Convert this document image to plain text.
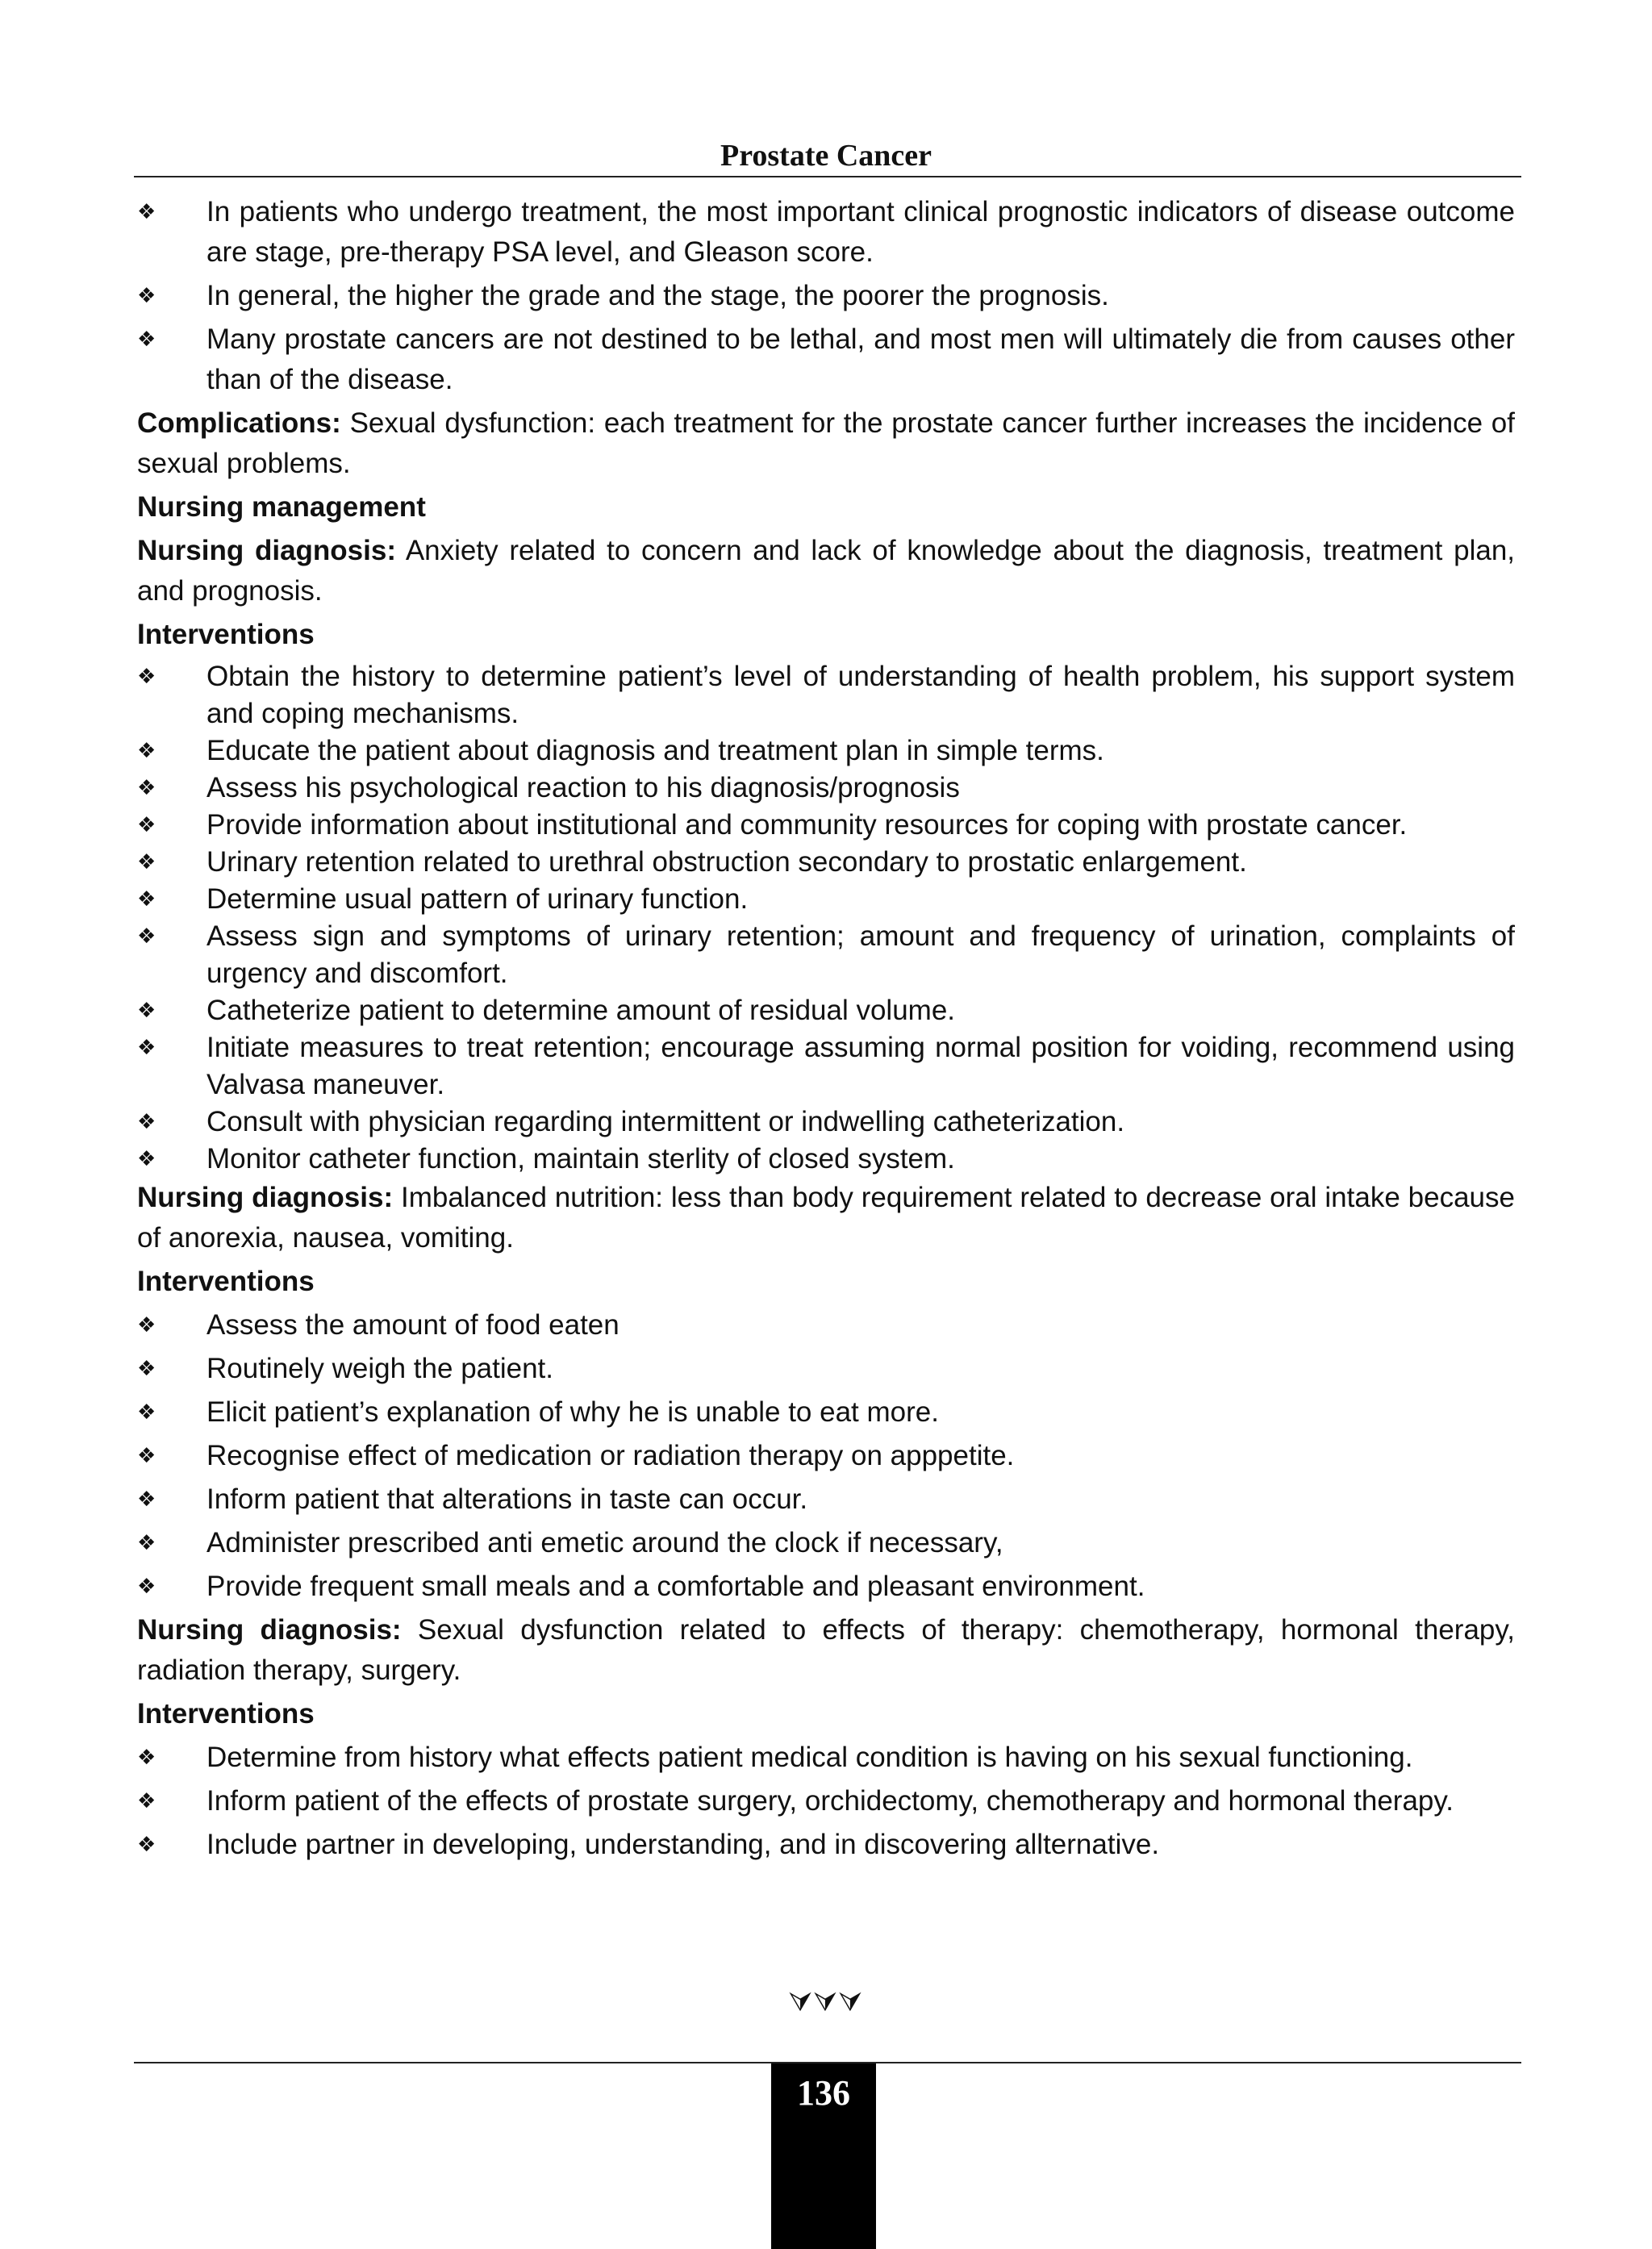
Prostate Cancer
❖	In patients who undergo treatment, the most important clinical prognostic indicators of disease outcome are stage, pre-therapy PSA level, and Gleason score.
❖	In general, the higher the grade and the stage, the poorer the prognosis.
❖	Many prostate cancers are not destined to be lethal, and most men will ultimately die from causes other than of the disease.

Complications: Sexual dysfunction: each treatment for the prostate cancer further increases the incidence of sexual problems.

Nursing management

Nursing diagnosis: Anxiety related to concern and lack of knowledge about the diagnosis, treatment plan, and prognosis.

Interventions
❖	Obtain the history to determine patient’s level of understanding of health problem, his support system and coping mechanisms.
❖	Educate the patient about diagnosis and treatment plan in simple terms.
❖	Assess his psychological reaction to his diagnosis/prognosis
❖	Provide information about institutional and community resources for coping with prostate cancer.
❖	Urinary retention related to urethral obstruction secondary to prostatic enlargement.
❖	Determine usual pattern of urinary function.
❖	Assess sign and symptoms of urinary retention; amount and frequency of urination, complaints of urgency and discomfort.
❖	Catheterize patient to determine amount of residual volume.
❖	Initiate measures to treat retention; encourage assuming normal position for voiding, recommend using Valvasa maneuver.
❖	Consult with physician regarding intermittent or indwelling catheterization.
❖	Monitor catheter function, maintain sterlity of closed system.

Nursing diagnosis: Imbalanced nutrition: less than body requirement related to decrease oral intake because of anorexia, nausea, vomiting.

Interventions
❖	Assess the amount of food eaten
❖	Routinely weigh the patient.
❖	Elicit patient’s explanation of why he is unable to eat more.
❖	Recognise effect of medication or radiation therapy on apppetite.
❖	Inform patient that alterations in taste can occur.
❖	Administer prescribed anti emetic around the clock if necessary,
❖	Provide frequent small meals and a comfortable and pleasant environment.

Nursing diagnosis: Sexual dysfunction related to effects of therapy: chemotherapy, hormonal therapy, radiation therapy, surgery.

Interventions
❖	Determine from history what effects patient medical condition is having on his sexual functioning.
❖	Inform patient of the effects of prostate surgery, orchidectomy, chemotherapy and hormonal therapy.
❖	Include partner in developing, understanding, and in discovering allternative.
⮛⮛⮛
136
